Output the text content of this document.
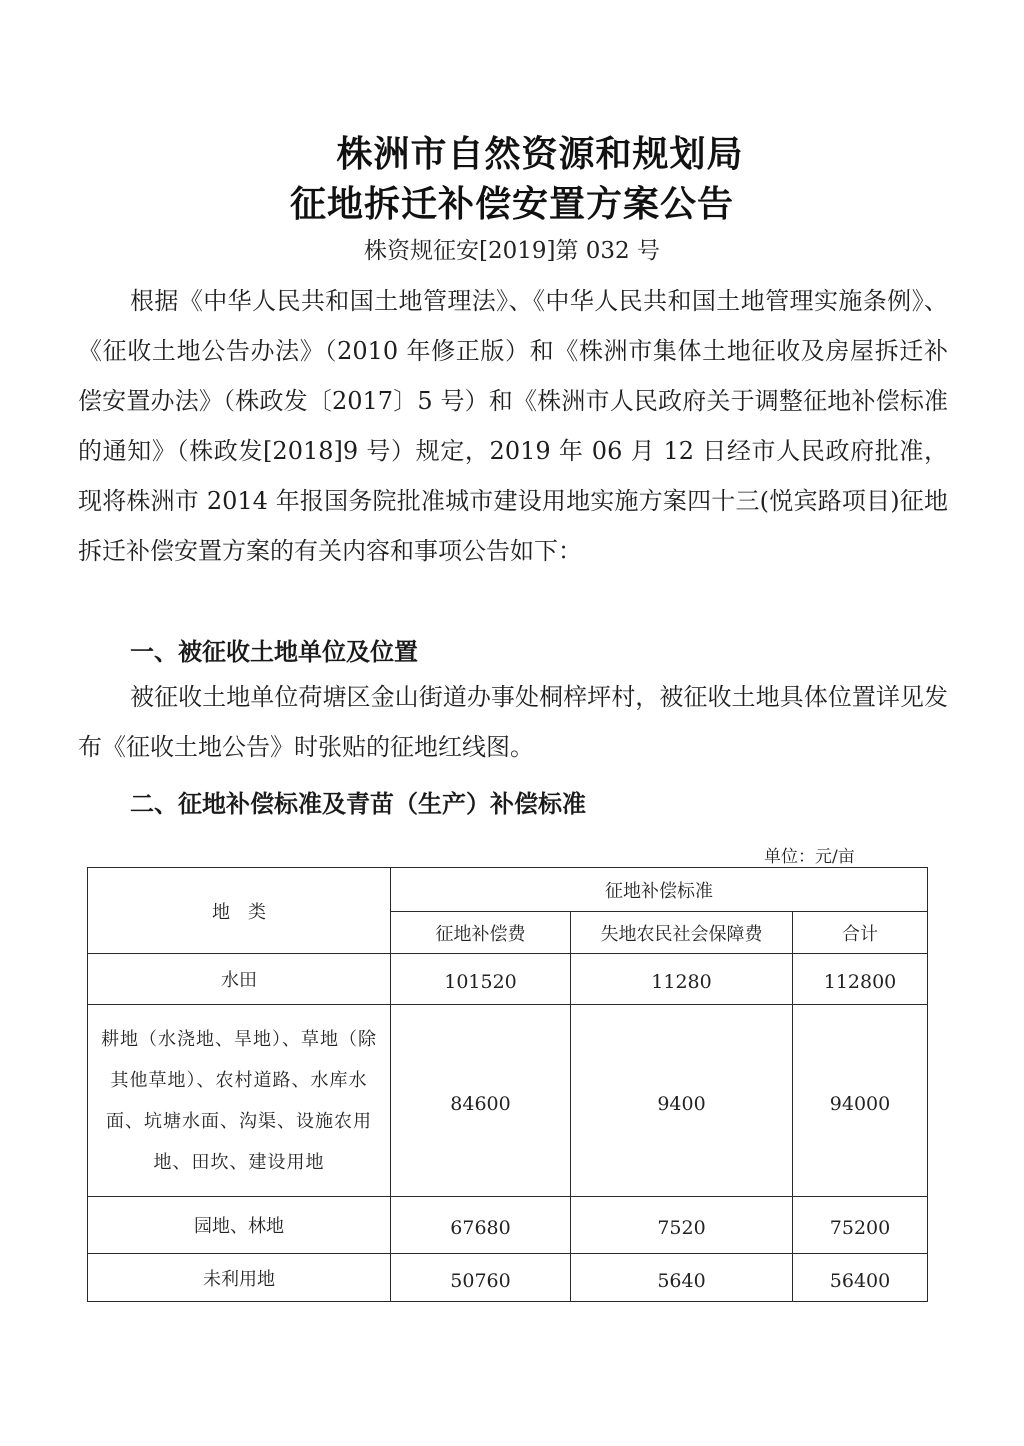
株洲市自然资源和规划局
征地拆迁补偿安置方案公告
株资规征安[2019]第 032 号

根据《中华人民共和国土地管理法》、《中华人民共和国土地管理实施条例》、《征收土地公告办法》（2010 年修正版）和《株洲市集体土地征收及房屋拆迁补偿安置办法》（株政发〔2017〕5 号）和《株洲市人民政府关于调整征地补偿标准的通知》（株政发[2018]9 号）规定，2019 年 06 月 12 日经市人民政府批准，现将株洲市 2014 年报国务院批准城市建设用地实施方案四十三(悦宾路项目)征地拆迁补偿安置方案的有关内容和事项公告如下：

一、被征收土地单位及位置

被征收土地单位荷塘区金山街道办事处桐梓坪村，被征收土地具体位置详见发布《征收土地公告》时张贴的征地红线图。

二、征地补偿标准及青苗（生产）补偿标准
单位：元/亩
地　类	征地补偿标准		
	征地补偿费	失地农民社会保障费	合计
水田	101520	11280	112800
耕地（水浇地、旱地）、草地（除其他草地）、农村道路、水库水面、坑塘水面、沟渠、设施农用地、田坎、建设用地	84600	9400	94000
园地、林地	67680	7520	75200
未利用地	50760	5640	56400
